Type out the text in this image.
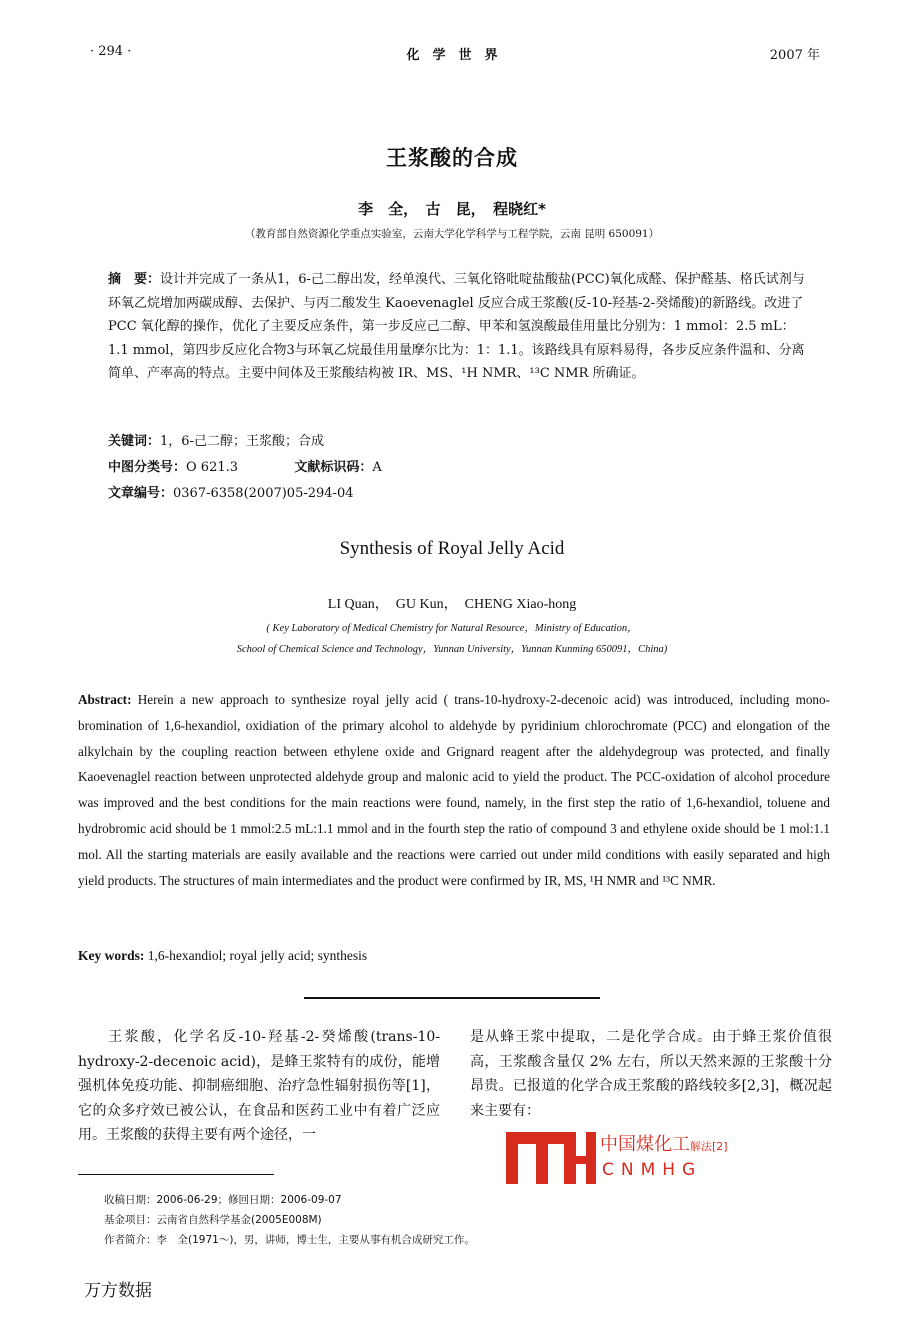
· 294 ·	化　学　世　界	2007 年
王浆酸的合成
李　全，　古　昆，　程晓红*
（教育部自然资源化学重点实验室，云南大学化学科学与工程学院，云南 昆明 650091）
摘　要：设计并完成了一条从1，6-己二醇出发，经单溴代、三氧化铬吡啶盐酸盐(PCC)氧化成醛、保护醛基、格氏试剂与环氧乙烷增加两碳成醇、去保护、与丙二酸发生 Kaoevenaglel 反应合成王浆酸(反-10-羟基-2-癸烯酸)的新路线。改进了 PCC 氧化醇的操作，优化了主要反应条件，第一步反应己二醇、甲苯和氢溴酸最佳用量比分别为：1 mmol：2.5 mL：1.1 mmol，第四步反应化合物3与环氧乙烷最佳用量摩尔比为：1：1.1。该路线具有原料易得，各步反应条件温和、分离简单、产率高的特点。主要中间体及王浆酸结构被 IR、MS、¹H NMR、¹³C NMR 所确证。
关键词：1，6-己二醇；王浆酸；合成
中图分类号：O 621.3	文献标识码：A
文章编号：0367-6358(2007)05-294-04
Synthesis of Royal Jelly Acid
LI Quan，　GU Kun，　CHENG Xiao-hong
( Key Laboratory of Medical Chemistry for Natural Resource，Ministry of Education，
School of Chemical Science and Technology，Yunnan University，Yunnan Kunming 650091，China)
Abstract: Herein a new approach to synthesize royal jelly acid ( trans-10-hydroxy-2-decenoic acid) was introduced, including mono-bromination of 1,6-hexandiol, oxidiation of the primary alcohol to aldehyde by pyridinium chlorochromate (PCC) and elongation of the alkylchain by the coupling reaction between ethylene oxide and Grignard reagent after the aldehydegroup was protected, and finally Kaoevenaglel reaction between unprotected aldehyde group and malonic acid to yield the product. The PCC-oxidation of alcohol procedure was improved and the best conditions for the main reactions were found, namely, in the first step the ratio of 1,6-hexandiol, toluene and hydrobromic acid should be 1 mmol:2.5 mL:1.1 mmol and in the fourth step the ratio of compound 3 and ethylene oxide should be 1 mol:1.1 mol. All the starting materials are easily available and the reactions were carried out under mild conditions with easily separated and high yield products. The structures of main intermediates and the product were confirmed by IR, MS, ¹H NMR and ¹³C NMR.
Key words: 1,6-hexandiol; royal jelly acid; synthesis
王浆酸，化学名反-10-羟基-2-癸烯酸(trans-10-hydroxy-2-decenoic acid)，是蜂王浆特有的成份，能增强机体免疫功能、抑制癌细胞、治疗急性辐射损伤等[1]，它的众多疗效已被公认，在食品和医药工业中有着广泛应用。王浆酸的获得主要有两个途径，一
是从蜂王浆中提取，二是化学合成。由于蜂王浆价值很高，王浆酸含量仅 2% 左右，所以天然来源的王浆酸十分昂贵。已报道的化学合成王浆酸的路线较多[2,3]，概况起来主要有：
中国煤化工解法[2]
CNMHG
收稿日期：2006-06-29；修回日期：2006-09-07
基金项目：云南省自然科学基金(2005E008M)
作者简介：李　全(1971～)，男，讲师，博士生，主要从事有机合成研究工作。
万方数据
